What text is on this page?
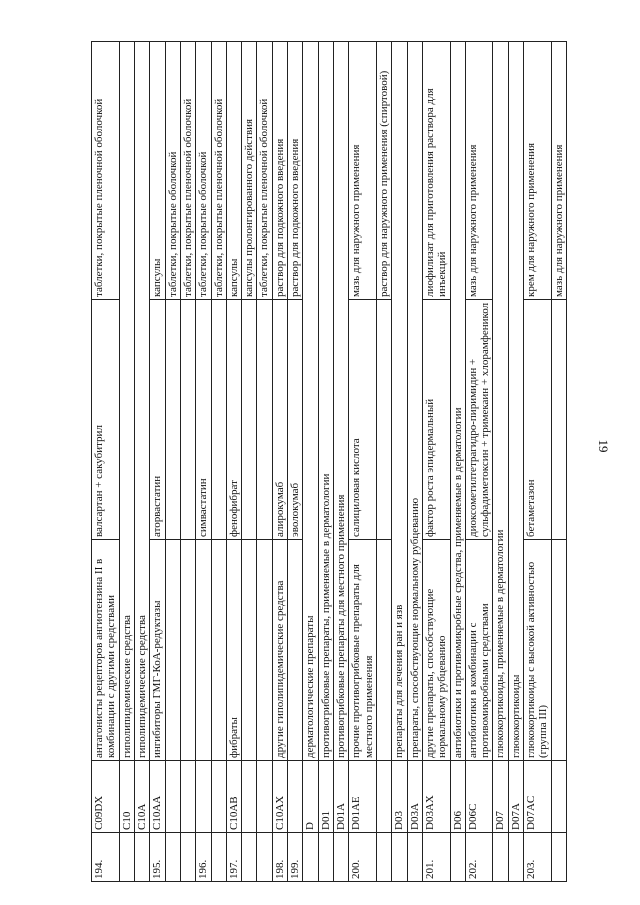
19
194.	C09DX	антагонисты рецепторов ангиотензина II в комбинации с другими средствами	валсартан + сакубитрил	таблетки, покрытые пленочной оболочкой
	C10	гиполипидемические средства		
	C10A	гиполипидемические средства		
195.	C10AA	ингибиторы ГМГ-КоА-редуктазы	аторвастатин	капсулы
				таблетки, покрытые оболочкой
				таблетки, покрытые пленочной оболочкой
196.			симвастатин	таблетки, покрытые оболочкой
				таблетки, покрытые пленочной оболочкой
197.	C10AB	фибраты	фенофибрат	капсулы
				капсулы пролонгированного действия
				таблетки, покрытые пленочной оболочкой
198.	C10AX	другие гиполипидемические средства	алирокумаб	раствор для подкожного введения
199.			эволокумаб	раствор для подкожного введения
	D	дерматологические препараты		
	D01	противогрибковые препараты, применяемые в дерматологии		
	D01A	противогрибковые препараты для местного применения		
200.	D01AE	прочие противогрибковые препараты для местного применения	салициловая кислота	мазь для наружного применения
				раствор для наружного применения (спиртовой)
	D03	препараты для лечения ран и язв		
	D03A	препараты, способствующие нормальному рубцеванию		
201.	D03AX	другие препараты, способствующие нормальному рубцеванию	фактор роста эпидермальный	лиофилизат для приготовления раствора для инъекций
	D06	антибиотики и противомикробные средства, применяемые в дерматологии		
202.	D06C	антибиотики в комбинации с противомикробными средствами	диоксометилтетрагидро-пиримидин + сульфадиметоксин + тримекаин + хлорамфеникол	мазь для наружного применения
	D07	глюкокортикоиды, применяемые в дерматологии		
	D07A	глюкокортикоиды		
203.	D07AC	глюкокортикоиды с высокой активностью (группа III)	бетаметазон	крем для наружного применения
				мазь для наружного применения
